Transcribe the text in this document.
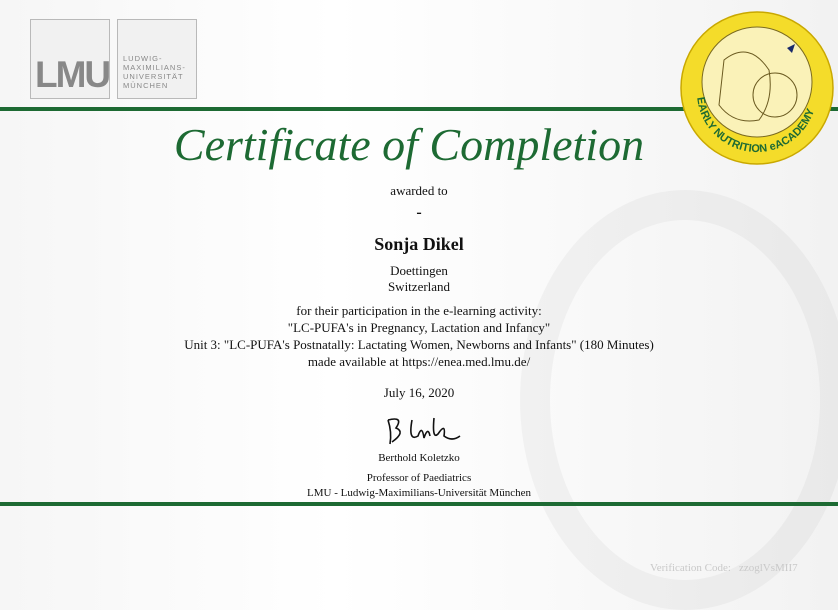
LMU LUDWIG-
MAXIMILIANS-
UNIVERSITÄT
MÜNCHEN
EARLY NUTRITION eACADEMY
Certificate of Completion
awarded to
-
Sonja Dikel
Doettingen
Switzerland
for their participation in the e-learning activity:
"LC-PUFA's in Pregnancy, Lactation and Infancy"
Unit 3: "LC-PUFA's Postnatally: Lactating Women, Newborns and Infants" (180 Minutes)
made available at https://enea.med.lmu.de/
July 16, 2020
Berthold Koletzko
Professor of Paediatrics
LMU - Ludwig-Maximilians-Universität München
Verification Code: zzoglVsMII7
